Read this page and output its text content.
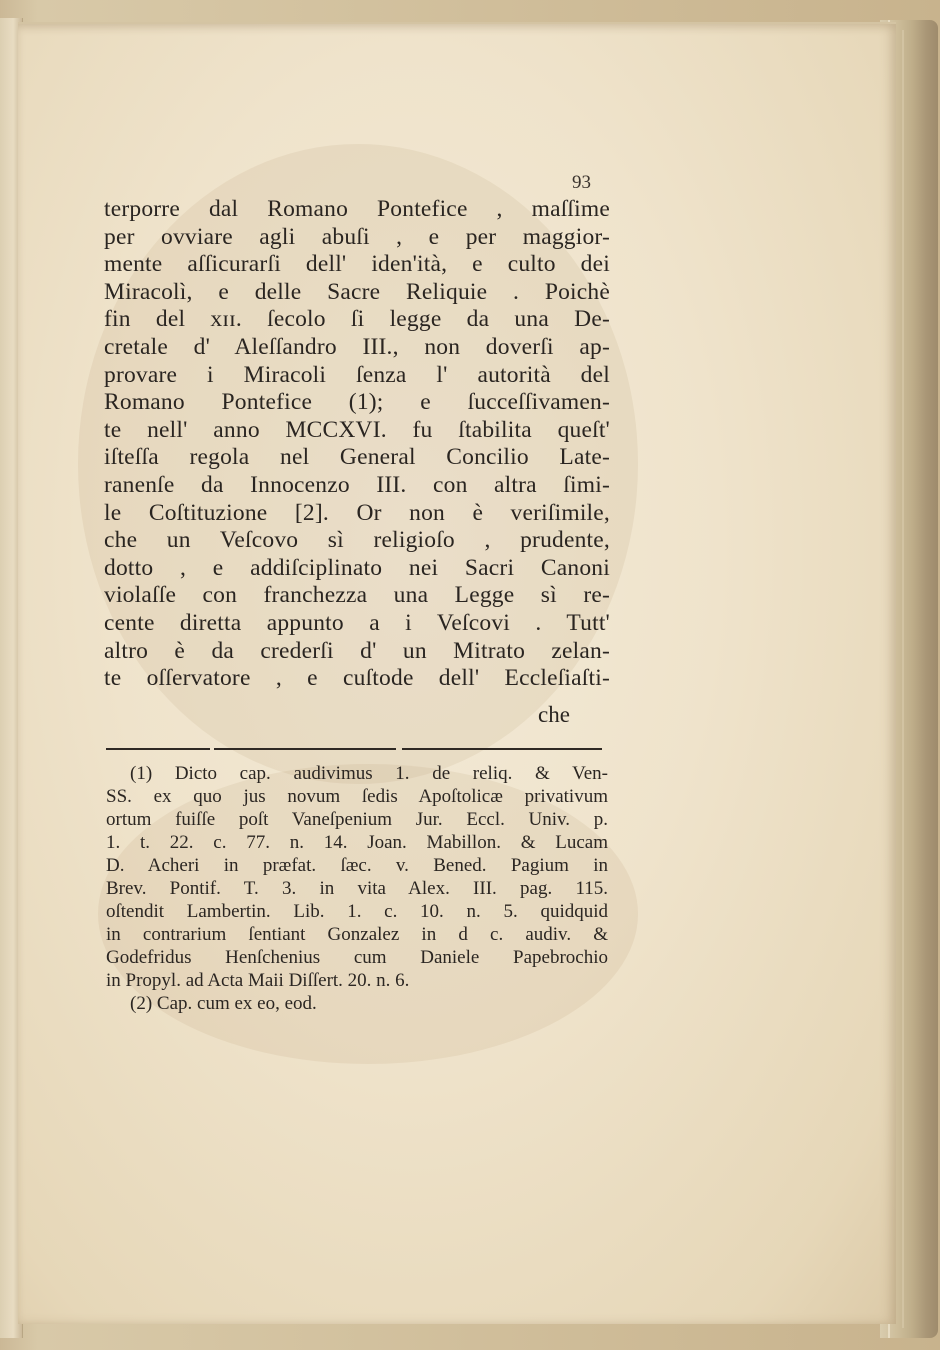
93
terporre dal Romano Pontefice , maſſime
per ovviare agli abuſi , e per maggior-
mente aſſicurarſi dell' iden'ità, e culto dei
Miracolì, e delle Sacre Reliquie . Poichè
fin del xɪɪ. ſecolo ſi legge da una De-
cretale d' Aleſſandro III., non doverſi ap-
provare i Miracoli ſenza l' autorità del
Romano Pontefice (1); e ſucceſſivamen-
te nell' anno MCCXVI. fu ſtabilita queſt'
iſteſſa regola nel General Concilio Late-
ranenſe da Innocenzo III. con altra ſimi-
le Coſtituzione [2]. Or non è veriſimile,
che un Veſcovo sì religioſo , prudente,
dotto , e addiſciplinato nei Sacri Canoni
violaſſe con franchezza una Legge sì re-
cente diretta appunto a i Veſcovi . Tutt'
altro è da crederſi d' un Mitrato zelan-
te oſſervatore , e cuſtode dell' Eccleſiaſti-
che
(1) Dicto cap. audivimus 1. de reliq. & Ven-
SS. ex quo jus novum ſedis Apoſtolicæ privativum
ortum fuiſſe poſt Vaneſpenium Jur. Eccl. Univ. p.
1. t. 22. c. 77. n. 14. Joan. Mabillon. & Lucam
D. Acheri in præfat. ſæc. v. Bened. Pagium in
Brev. Pontif. T. 3. in vita Alex. III. pag. 115.
oſtendit Lambertin. Lib. 1. c. 10. n. 5. quidquid
in contrarium ſentiant Gonzalez in d c. audiv. &
Godefridus Henſchenius cum Daniele Papebrochio
in Propyl. ad Acta Maii Diſſert. 20. n. 6.
(2) Cap. cum ex eo, eod.
